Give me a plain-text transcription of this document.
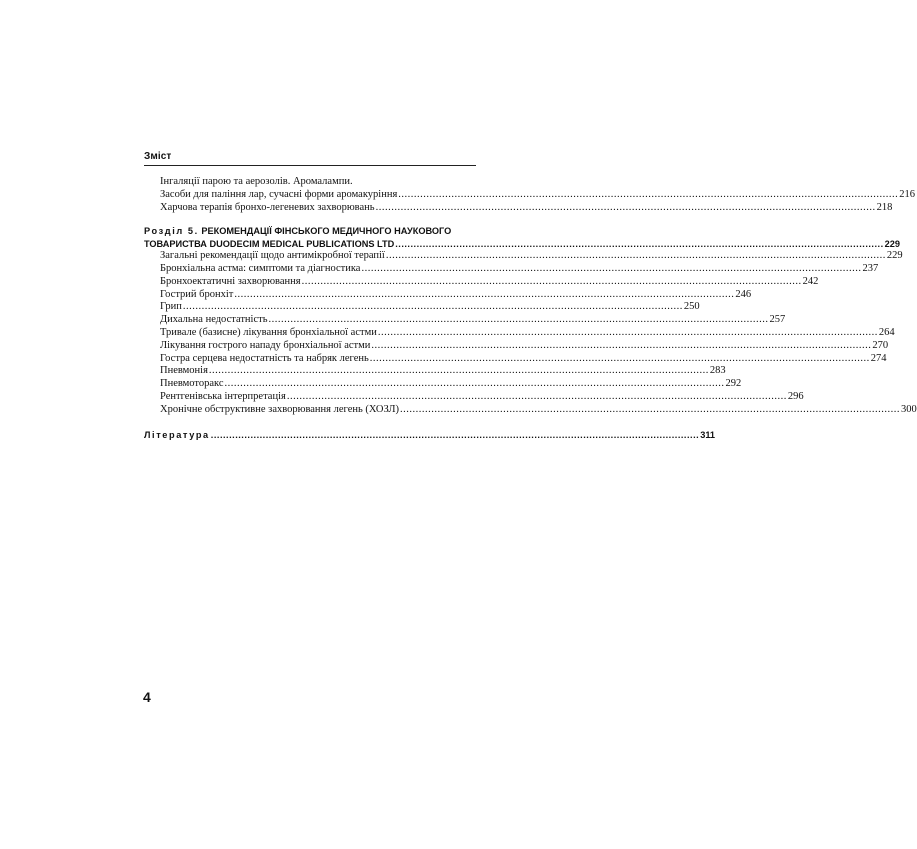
Зміст
Інгаляції парою та аерозолів. Аромалампи.
Засоби для паління лар, сучасні форми аромакуріння .....	216
Харчова терапія бронхо-легеневих захворювань .....	218
Розділ 5. РЕКОМЕНДАЦІЇ ФІНСЬКОГО МЕДИЧНОГО НАУКОВОГО
ТОВАРИСТВА DUODECIM MEDICAL PUBLICATIONS LTD .....	229
Загальні рекомендації щодо антимікробної терапії .....	229
Бронхіальна астма: симптоми та діагностика .....	237
Бронхоектатичні захворювання .....	242
Гострий бронхіт .....	246
Грип .....	250
Дихальна недостатність .....	257
Тривале (базисне) лікування бронхіальної астми .....	264
Лікування гострого нападу бронхіальної астми .....	270
Гостра серцева недостатність та набряк легень .....	274
Пневмонія .....	283
Пневмоторакс .....	292
Рентгенівська інтерпретація .....	296
Хронічне обструктивне захворювання легень (ХОЗЛ) .....	300
Література .....	311
4
